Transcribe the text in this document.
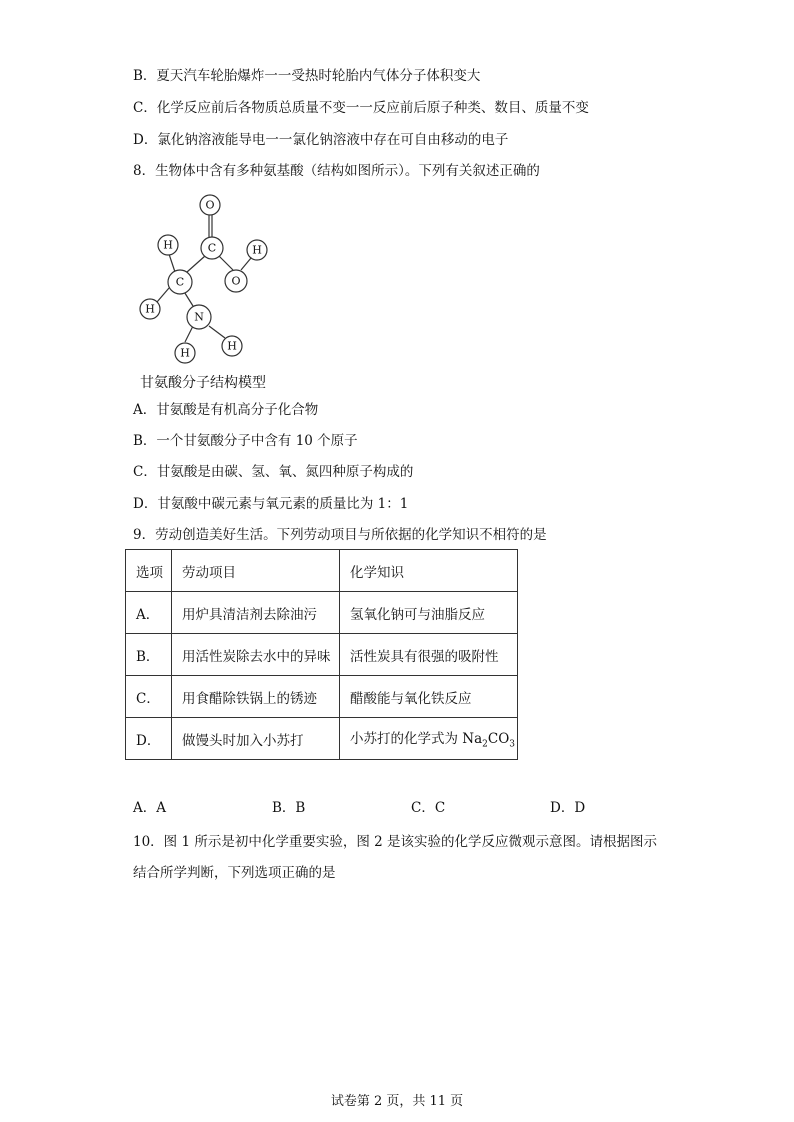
B．夏天汽车轮胎爆炸一一受热时轮胎内气体分子体积变大
C．化学反应前后各物质总质量不变一一反应前后原子种类、数目、质量不变
D．氯化钠溶液能导电一一氯化钠溶液中存在可自由移动的电子
8．生物体中含有多种氨基酸（结构如图所示）。下列有关叙述正确的
O
H	C	H
C	O
H
N
H
H
甘氨酸分子结构模型
A．甘氨酸是有机高分子化合物
B．一个甘氨酸分子中含有 10 个原子
C．甘氨酸是由碳、氢、氧、氮四种原子构成的
D．甘氨酸中碳元素与氧元素的质量比为 1：1
9．劳动创造美好生活。下列劳动项目与所依据的化学知识不相符的是
选项	劳动项目	化学知识
A．	用炉具清洁剂去除油污	氢氧化钠可与油脂反应
B．	用活性炭除去水中的异味	活性炭具有很强的吸附性
C．	用食醋除铁锅上的锈迹	醋酸能与氧化铁反应
D．	做馒头时加入小苏打	小苏打的化学式为 $Na_2CO_3$
A．A	B．B	C．C	D．D
10．图 1 所示是初中化学重要实验，图 2 是该实验的化学反应微观示意图。请根据图示
结合所学判断，下列选项正确的是
试卷第 2 页，共 11 页
